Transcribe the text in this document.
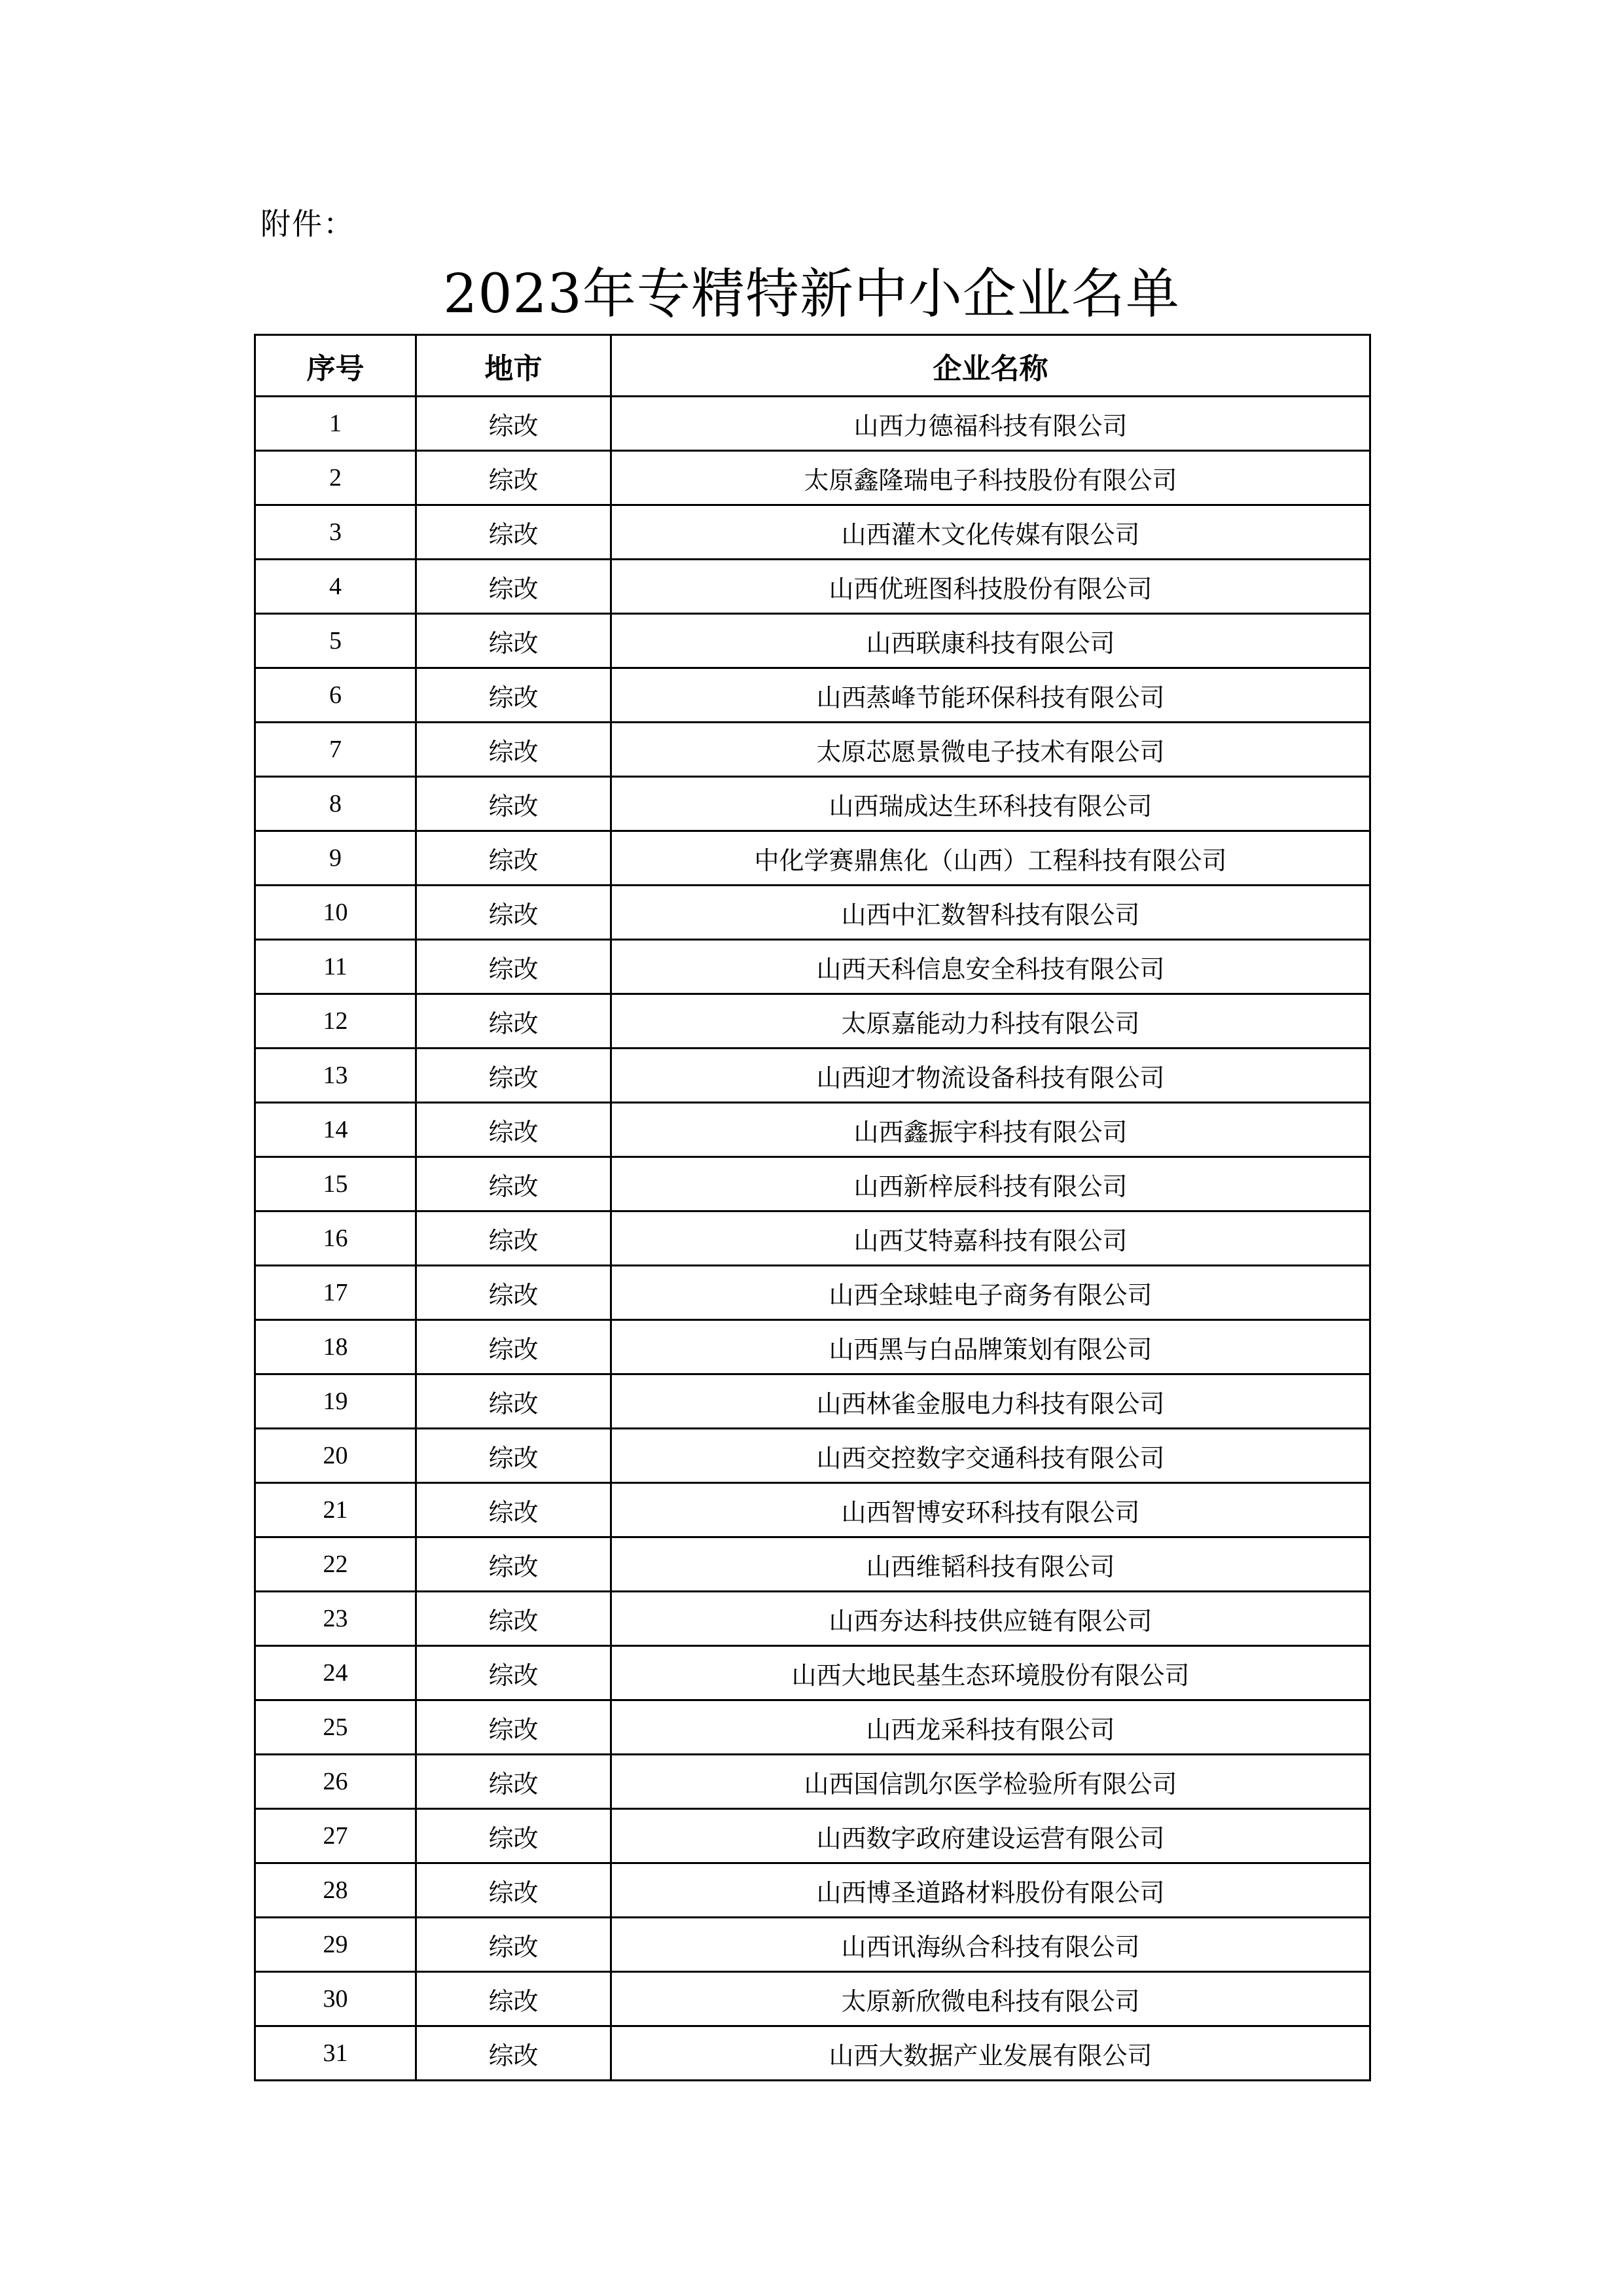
附件：
2023年专精特新中小企业名单
序号	地市	企业名称
1	综改	山西力德福科技有限公司
2	综改	太原鑫隆瑞电子科技股份有限公司
3	综改	山西灌木文化传媒有限公司
4	综改	山西优班图科技股份有限公司
5	综改	山西联康科技有限公司
6	综改	山西蒸峰节能环保科技有限公司
7	综改	太原芯愿景微电子技术有限公司
8	综改	山西瑞成达生环科技有限公司
9	综改	中化学赛鼎焦化（山西）工程科技有限公司
10	综改	山西中汇数智科技有限公司
11	综改	山西天科信息安全科技有限公司
12	综改	太原嘉能动力科技有限公司
13	综改	山西迎才物流设备科技有限公司
14	综改	山西鑫振宇科技有限公司
15	综改	山西新梓辰科技有限公司
16	综改	山西艾特嘉科技有限公司
17	综改	山西全球蛙电子商务有限公司
18	综改	山西黑与白品牌策划有限公司
19	综改	山西林雀金服电力科技有限公司
20	综改	山西交控数字交通科技有限公司
21	综改	山西智博安环科技有限公司
22	综改	山西维韬科技有限公司
23	综改	山西夯达科技供应链有限公司
24	综改	山西大地民基生态环境股份有限公司
25	综改	山西龙采科技有限公司
26	综改	山西国信凯尔医学检验所有限公司
27	综改	山西数字政府建设运营有限公司
28	综改	山西博圣道路材料股份有限公司
29	综改	山西讯海纵合科技有限公司
30	综改	太原新欣微电科技有限公司
31	综改	山西大数据产业发展有限公司
